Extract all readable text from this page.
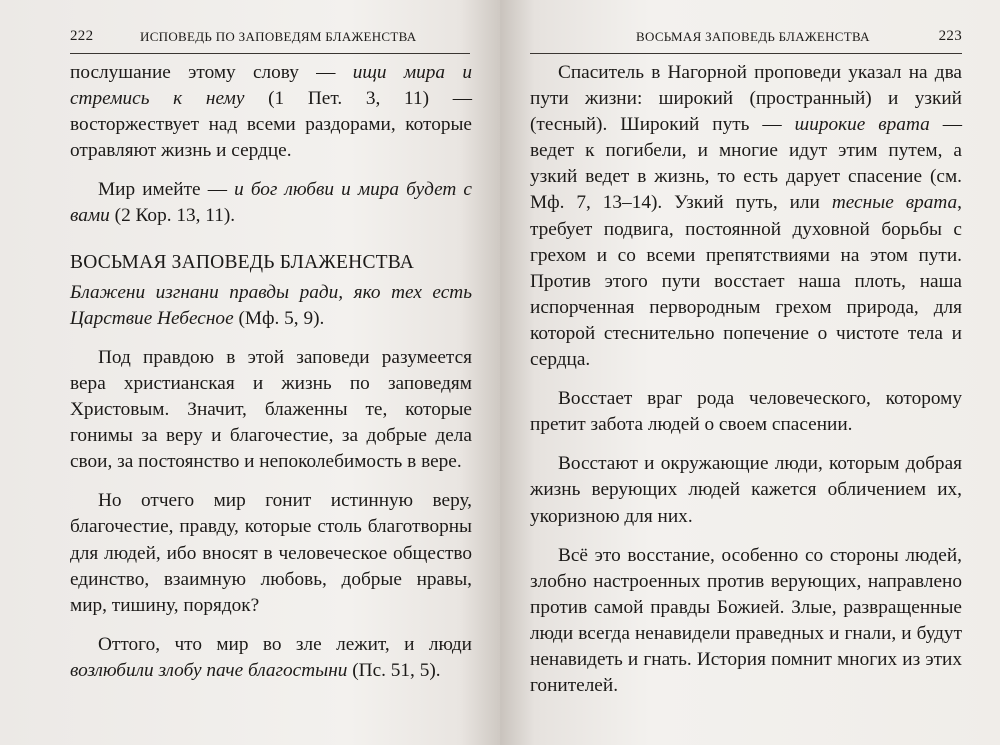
222	ИСПОВЕДЬ ПО ЗАПОВЕДЯМ БЛАЖЕНСТВА

послушание этому слову — ищи мира и стремись к нему (1 Пет. 3, 11) — восторжествует над всеми раздорами, которые отравляют жизнь и сердце.

Мир имейте — и бог любви и мира будет с вами (2 Кор. 13, 11).

ВОСЬМАЯ ЗАПОВЕДЬ БЛАЖЕНСТВА

Блажени изгнани правды ради, яко тех есть Царствие Небесное (Мф. 5, 9).

Под правдою в этой заповеди разумеется вера христианская и жизнь по заповедям Христовым. Значит, блаженны те, которые гонимы за веру и благочестие, за добрые дела свои, за постоянство и непоколебимость в вере.

Но отчего мир гонит истинную веру, благочестие, правду, которые столь благотворны для людей, ибо вносят в человеческое общество единство, взаимную любовь, добрые нравы, мир, тишину, порядок?

Оттого, что мир во зле лежит, и люди возлюбили злобу паче благостыни (Пс. 51, 5).

ВОСЬМАЯ ЗАПОВЕДЬ БЛАЖЕНСТВА	223

Спаситель в Нагорной проповеди указал на два пути жизни: широкий (пространный) и узкий (тесный). Широкий путь — широкие врата — ведет к погибели, и многие идут этим путем, а узкий ведет в жизнь, то есть дарует спасение (см. Мф. 7, 13–14). Узкий путь, или тесные врата, требует подвига, постоянной духовной борьбы с грехом и со всеми препятствиями на этом пути. Против этого пути восстает наша плоть, наша испорченная первородным грехом природа, для которой стеснительно попечение о чистоте тела и сердца.

Восстает враг рода человеческого, которому претит забота людей о своем спасении.

Восстают и окружающие люди, которым добрая жизнь верующих людей кажется обличением их, укоризною для них.

Всё это восстание, особенно со стороны людей, злобно настроенных против верующих, направлено против самой правды Божией. Злые, развращенные люди всегда ненавидели праведных и гнали, и будут ненавидеть и гнать. История помнит многих из этих гонителей.
